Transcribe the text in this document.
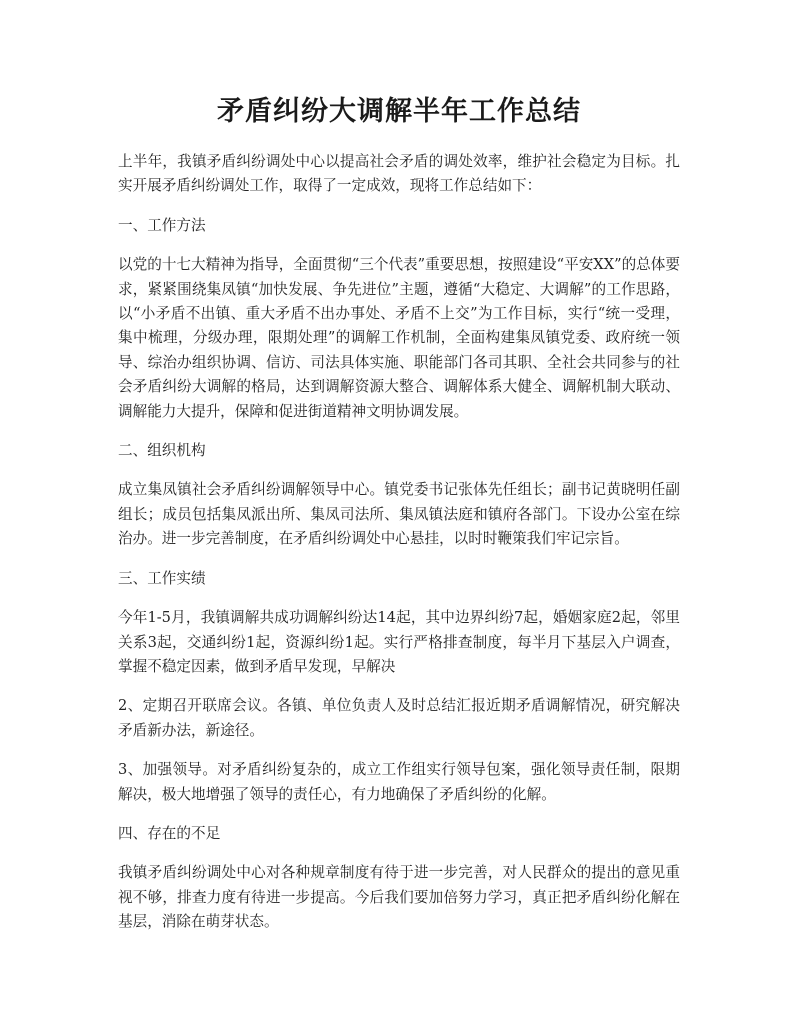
矛盾纠纷大调解半年工作总结
上半年，我镇矛盾纠纷调处中心以提高社会矛盾的调处效率，维护社会稳定为目标。扎实开展矛盾纠纷调处工作，取得了一定成效，现将工作总结如下：
一、工作方法
以党的十七大精神为指导，全面贯彻“三个代表”重要思想，按照建设“平安XX”的总体要求，紧紧围绕集凤镇“加快发展、争先进位”主题，遵循“大稳定、大调解”的工作思路，以“小矛盾不出镇、重大矛盾不出办事处、矛盾不上交”为工作目标，实行“统一受理，集中梳理，分级办理，限期处理”的调解工作机制，全面构建集凤镇党委、政府统一领导、综治办组织协调、信访、司法具体实施、职能部门各司其职、全社会共同参与的社会矛盾纠纷大调解的格局，达到调解资源大整合、调解体系大健全、调解机制大联动、调解能力大提升，保障和促进街道精神文明协调发展。
二、组织机构
成立集凤镇社会矛盾纠纷调解领导中心。镇党委书记张体先任组长；副书记黄晓明任副组长；成员包括集凤派出所、集凤司法所、集凤镇法庭和镇府各部门。下设办公室在综治办。进一步完善制度，在矛盾纠纷调处中心悬挂，以时时鞭策我们牢记宗旨。
三、工作实绩
今年1-5月，我镇调解共成功调解纠纷达14起，其中边界纠纷7起，婚姻家庭2起，邻里关系3起，交通纠纷1起，资源纠纷1起。实行严格排查制度，每半月下基层入户调查，掌握不稳定因素，做到矛盾早发现，早解决
2、定期召开联席会议。各镇、单位负责人及时总结汇报近期矛盾调解情况，研究解决矛盾新办法，新途径。
3、加强领导。对矛盾纠纷复杂的，成立工作组实行领导包案，强化领导责任制，限期解决，极大地增强了领导的责任心，有力地确保了矛盾纠纷的化解。
四、存在的不足
我镇矛盾纠纷调处中心对各种规章制度有待于进一步完善，对人民群众的提出的意见重视不够，排查力度有待进一步提高。今后我们要加倍努力学习，真正把矛盾纠纷化解在基层，消除在萌芽状态。
